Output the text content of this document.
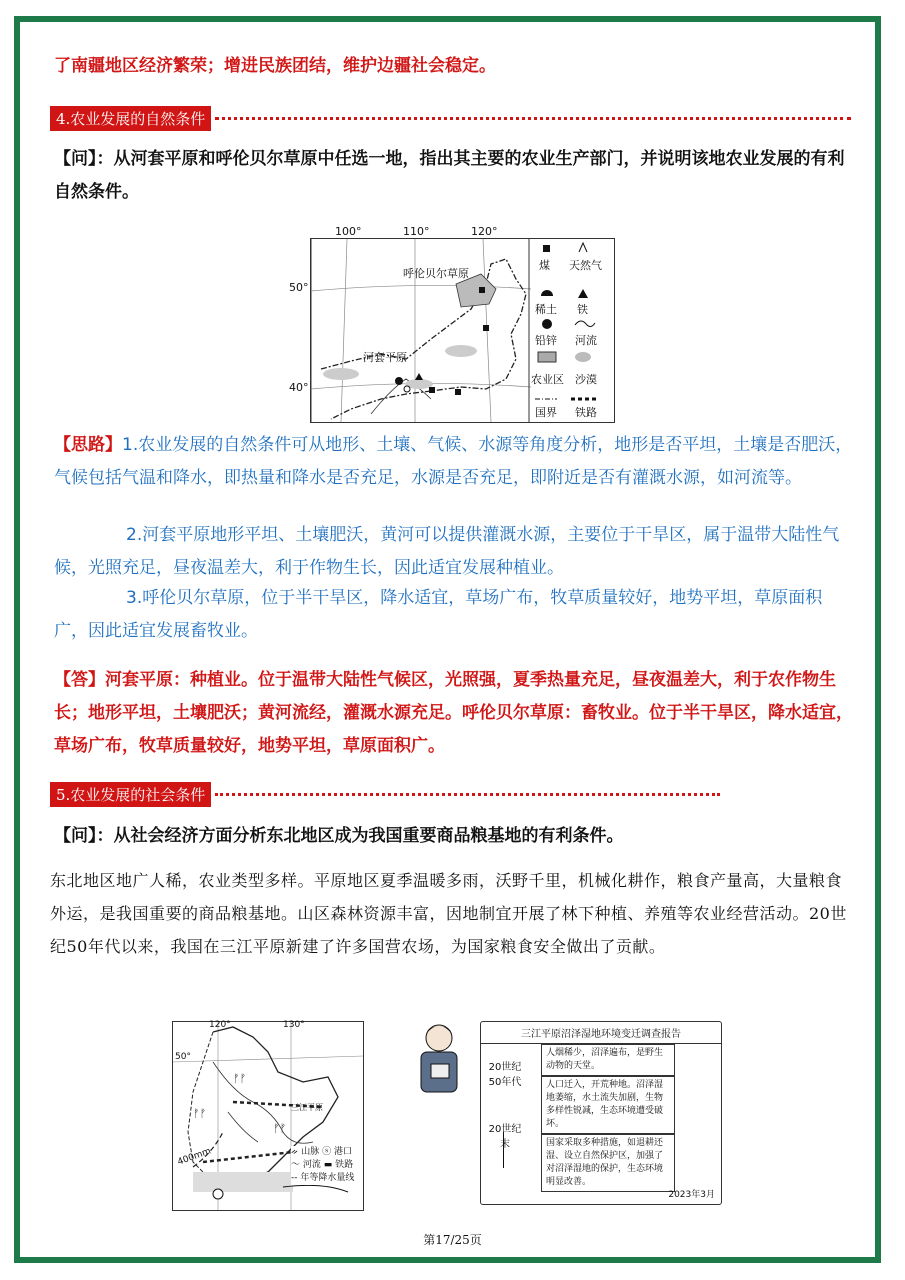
了南疆地区经济繁荣；增进民族团结，维护边疆社会稳定。
4.农业发展的自然条件
【问】：从河套平原和呼伦贝尔草原中任选一地，指出其主要的农业生产部门，并说明该地农业发展的有利自然条件。
100°	110°	120°
50°
40°
呼伦贝尔草原
河套平原
煤 天然气
稀土 铁
铅锌 河流
农业区 沙漠
国界 铁路
【思路】1.农业发展的自然条件可从地形、土壤、气候、水源等角度分析，地形是否平坦，土壤是否肥沃，气候包括气温和降水，即热量和降水是否充足，水源是否充足，即附近是否有灌溉水源，如河流等。
2.河套平原地形平坦、土壤肥沃，黄河可以提供灌溉水源，主要位于干旱区，属于温带大陆性气候，光照充足，昼夜温差大，利于作物生长，因此适宜发展种植业。
3.呼伦贝尔草原，位于半干旱区，降水适宜，草场广布，牧草质量较好，地势平坦，草原面积广，因此适宜发展畜牧业。
【答】河套平原：种植业。位于温带大陆性气候区，光照强，夏季热量充足，昼夜温差大，利于农作物生长；地形平坦，土壤肥沃；黄河流经，灌溉水源充足。呼伦贝尔草原：畜牧业。位于半干旱区，降水适宜，草场广布，牧草质量较好，地势平坦，草原面积广。
5.农业发展的社会条件
【问】：从社会经济方面分析东北地区成为我国重要商品粮基地的有利条件。
东北地区地广人稀，农业类型多样。平原地区夏季温暖多雨，沃野千里，机械化耕作，粮食产量高，大量粮食外运，是我国重要的商品粮基地。山区森林资源丰富，因地制宜开展了林下种植、养殖等农业经营活动。20世纪50年代以来，我国在三江平原新建了许多国营农场，为国家粮食安全做出了贡献。
ᚠᚠ
ᚠᚠ
ᚠᚠ
120°	130°
50°
三江平原
400mm	ᨀ 山脉 ⓢ 港口
〜 河流 ▬ 铁路
-- 年等降水量线
三江平原沼泽湿地环境变迁调查报告
20世纪50年代
20世纪末
人烟稀少，沼泽遍布，是野生动物的天堂。
人口迁入，开荒种地。沼泽湿地萎缩，水土流失加剧，生物多样性锐减，生态环境遭受破坏。
国家采取多种措施，如退耕还湿、设立自然保护区，加强了对沼泽湿地的保护，生态环境明显改善。
2023年3月
第17/25页
